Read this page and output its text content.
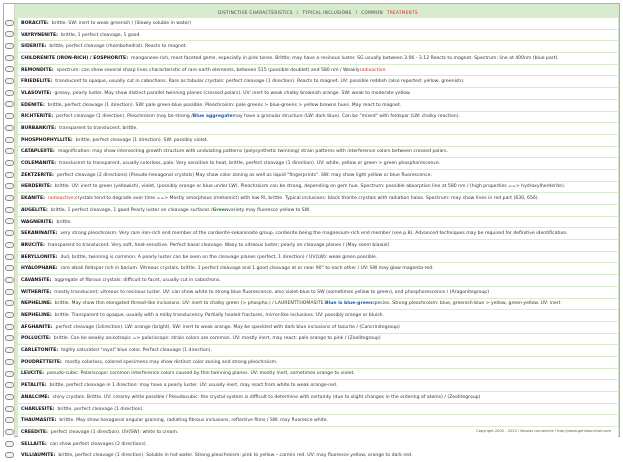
DISTINCTIVE CHARACTERISTICS / TYPICAL INCLUSIONS / COMMON TREATMENTS
BORACITE: brittle. SW: inert to weak greenish / (Slowly soluble in water)
VAYRYNENITE: brittle, 1 perfect cleavage, 1 good.
SIDERITE: brittle, perfect cleavage (rhombohedral). Reacts to magnet.
CHILDRENITE (IRON-RICH) / EOSPHORITE: manganese-rich, most faceted gems, especially in pink tones. Brittle; may have a resinous luster. SG usually between 3.06 - 3.12 Reacts to magnet. Spectrum: line at 400nm (blue part).
REMONDITE: spectrum: can show several sharp lines characteristic of rare earth elements, between 515 (possible doublet) and 580 nm / Weakly radioactive.
FRIEDELITE: translucent to opaque, usually cut in cabochons. Rare as tabular crystals: perfect cleavage (1 direction). Reacts to magnet. UV: possible reddish (also reported: yellow, greenish).
VLASOVITE: greasy, pearly luster. May show distinct parallel twinning planes (crossed polars). UV: inert to weak chalky brownish orange. SW: weak to moderate yellow.
EDENITE: brittle, perfect cleavage (1 direction). SW: pale green-blue possible. Pleochroism: pale greens > blue-greens > yellow browns hues. May react to magnet.
RICHTERITE: perfect cleavage (1 direction). Pleochroism may be strong / Blue aggregate may have a granular structure (LW: dark blue). Can be "mixed" with feldspar (LW: chalky reaction).
BURBANKITE: transparent to translucent, brittle.
PHOSPHOPHYLLITE: brittle, perfect cleavage (1 direction). SW: possibly violet.
CATAPLEIITE: magnification: may show intersecting growth structure with undulating patterns (polysynthetic twinning) strain patterns with interference colors between crossed polars.
COLEMANITE: translucent to transparent, usually colorless, pale. Very sensitive to heat, brittle, perfect cleavage (1 direction). UV: white, yellow or green > green phosphorescence.
ZEKTZERITE: perfect cleavage (2 directions) (Pseudo-hexagonal crystals) May show color zoning as well as liquid "fingerprints". SW: may show light yellow or blue fluorescence.
HERDERITE: brittle. UV: inert to green (yellowish), violet, (possibly orange or blue under LW). Pleochroism can be strong, depending on gem hue. Spectrum: possible absorption line at 580 nm / (high properties ==> hydroxylherderite).
EKANITE: radioactive; crystals tend to degrade over time ==> Mostly amorphous (metamict) with low RI, brittle. Typical inclusions: black thorite crystals with radiation halos. Spectrum: may show lines in red part (630, 656).
AUGELITE: brittle, 1 perfect cleavage, 1 good Pearly luster on cleavage surfaces / Green variety may fluoresce yellow to SW.
WAGNERITE: brittle.
SEKANINAITE: very strong pleochroism. Very rare iron-rich end member of the cordierite-sekaninaite group, cordierite being the magnesium-rich end member (see p.8). Advanced techniques may be required for definitive identification.
BRUCITE: transparent to translucent. Very soft, heat-sensitive. Perfect basal cleavage. Waxy to vitreous luster; pearly on cleavage planes / (May seem biaxial)
BERYLLONITE: dull, brittle, twinning is common. A pearly luster can be seen on the cleavage planes (perfect, 1 direction) / UV(LW): weak green possible.
HYALOPHANE: rare alkali feldspar rich in barium. Vitreous crystals, brittle. 1 perfect cleavage and 1 good cleavage at or near 90° to each other / UV: SW may glow magenta-red.
CAVANSITE: aggregate of fibrous crystals: difficult to facet, usually cut in cabochons.
WITHERITE: mostly translucent; vitreous to resinous luster. UV: can show white to strong blue fluorescence, also violet-blue to SW (sometimes yellow to green), and phosphorescence / ( Aragonite group)
NEPHELINE: brittle. May show thin elongated thread-like inclusions. UV: inert to chalky green (> phospho.) / LAURENTTHOMASITE: Blue is blue-green species. Strong pleochroism: blue, greenish-blue > yellow, green-yellow. UV: inert
NEPHELINE: brittle. Transparent to opaque, usually with a milky translucency. Partially healed fractures, mirror-like inclusions. UV: possibly orange or bluish.
AFGHANITE: perfect cleavage (1direction). LW: orange (bright). SW: inert to weak orange. May be speckled with dark blue inclusions of lazurite / ( Cancrinite group)
POLLUCITE: brittle. Can be weakly anisotropic => polariscope: strain colors are common. UV: mostly inert, may react: pale orange to pink / ( Zeolite group)
CARLETONITE: highly saturated "royal" blue color. Perfect cleavage (1 direction).
POUDRETTEITE: mostly colorless, colored specimens may show distinct color zoning and strong pleochroism.
LEUCITE: pseudo-cubic. Polariscope: common interference colors caused by thin twinning planes. UV: mostly inert, sometimes orange to violet.
PETALITE: brittle, perfect cleavage in 1 direction: may have a pearly luster. UV: usually inert, may react from white to weak orange-red.
ANALCIME: shiny crystals. Brittle. UV: creamy white possible / Pseudocubic: the crystal system is difficult to determine with certainty (due to slight changes in the ordering of atoms) / ( Zeolite group)
CHARLESITE: brittle, perfect cleavage (1 direction).
THAUMASITE: brittle. May show hexagonal angular graining, radiating fibrous inclusions, reflective films / SW: may fluoresce white.
CREEDITE: perfect cleavage (1 direction). UV(SW): white to cream.
SELLAITE: can show perfect cleavages (2 directions).
VILLIAUMITE: brittle, perfect cleavage (1 direction). Soluble in hot water. Strong pleochroism: pink to yellow – carmin red. UV: may fluoresce yellow, orange to dark red.
Copyright 2002 - 2023 / Nicolas Lecuenche / http://www.gemlaunchoir.com
